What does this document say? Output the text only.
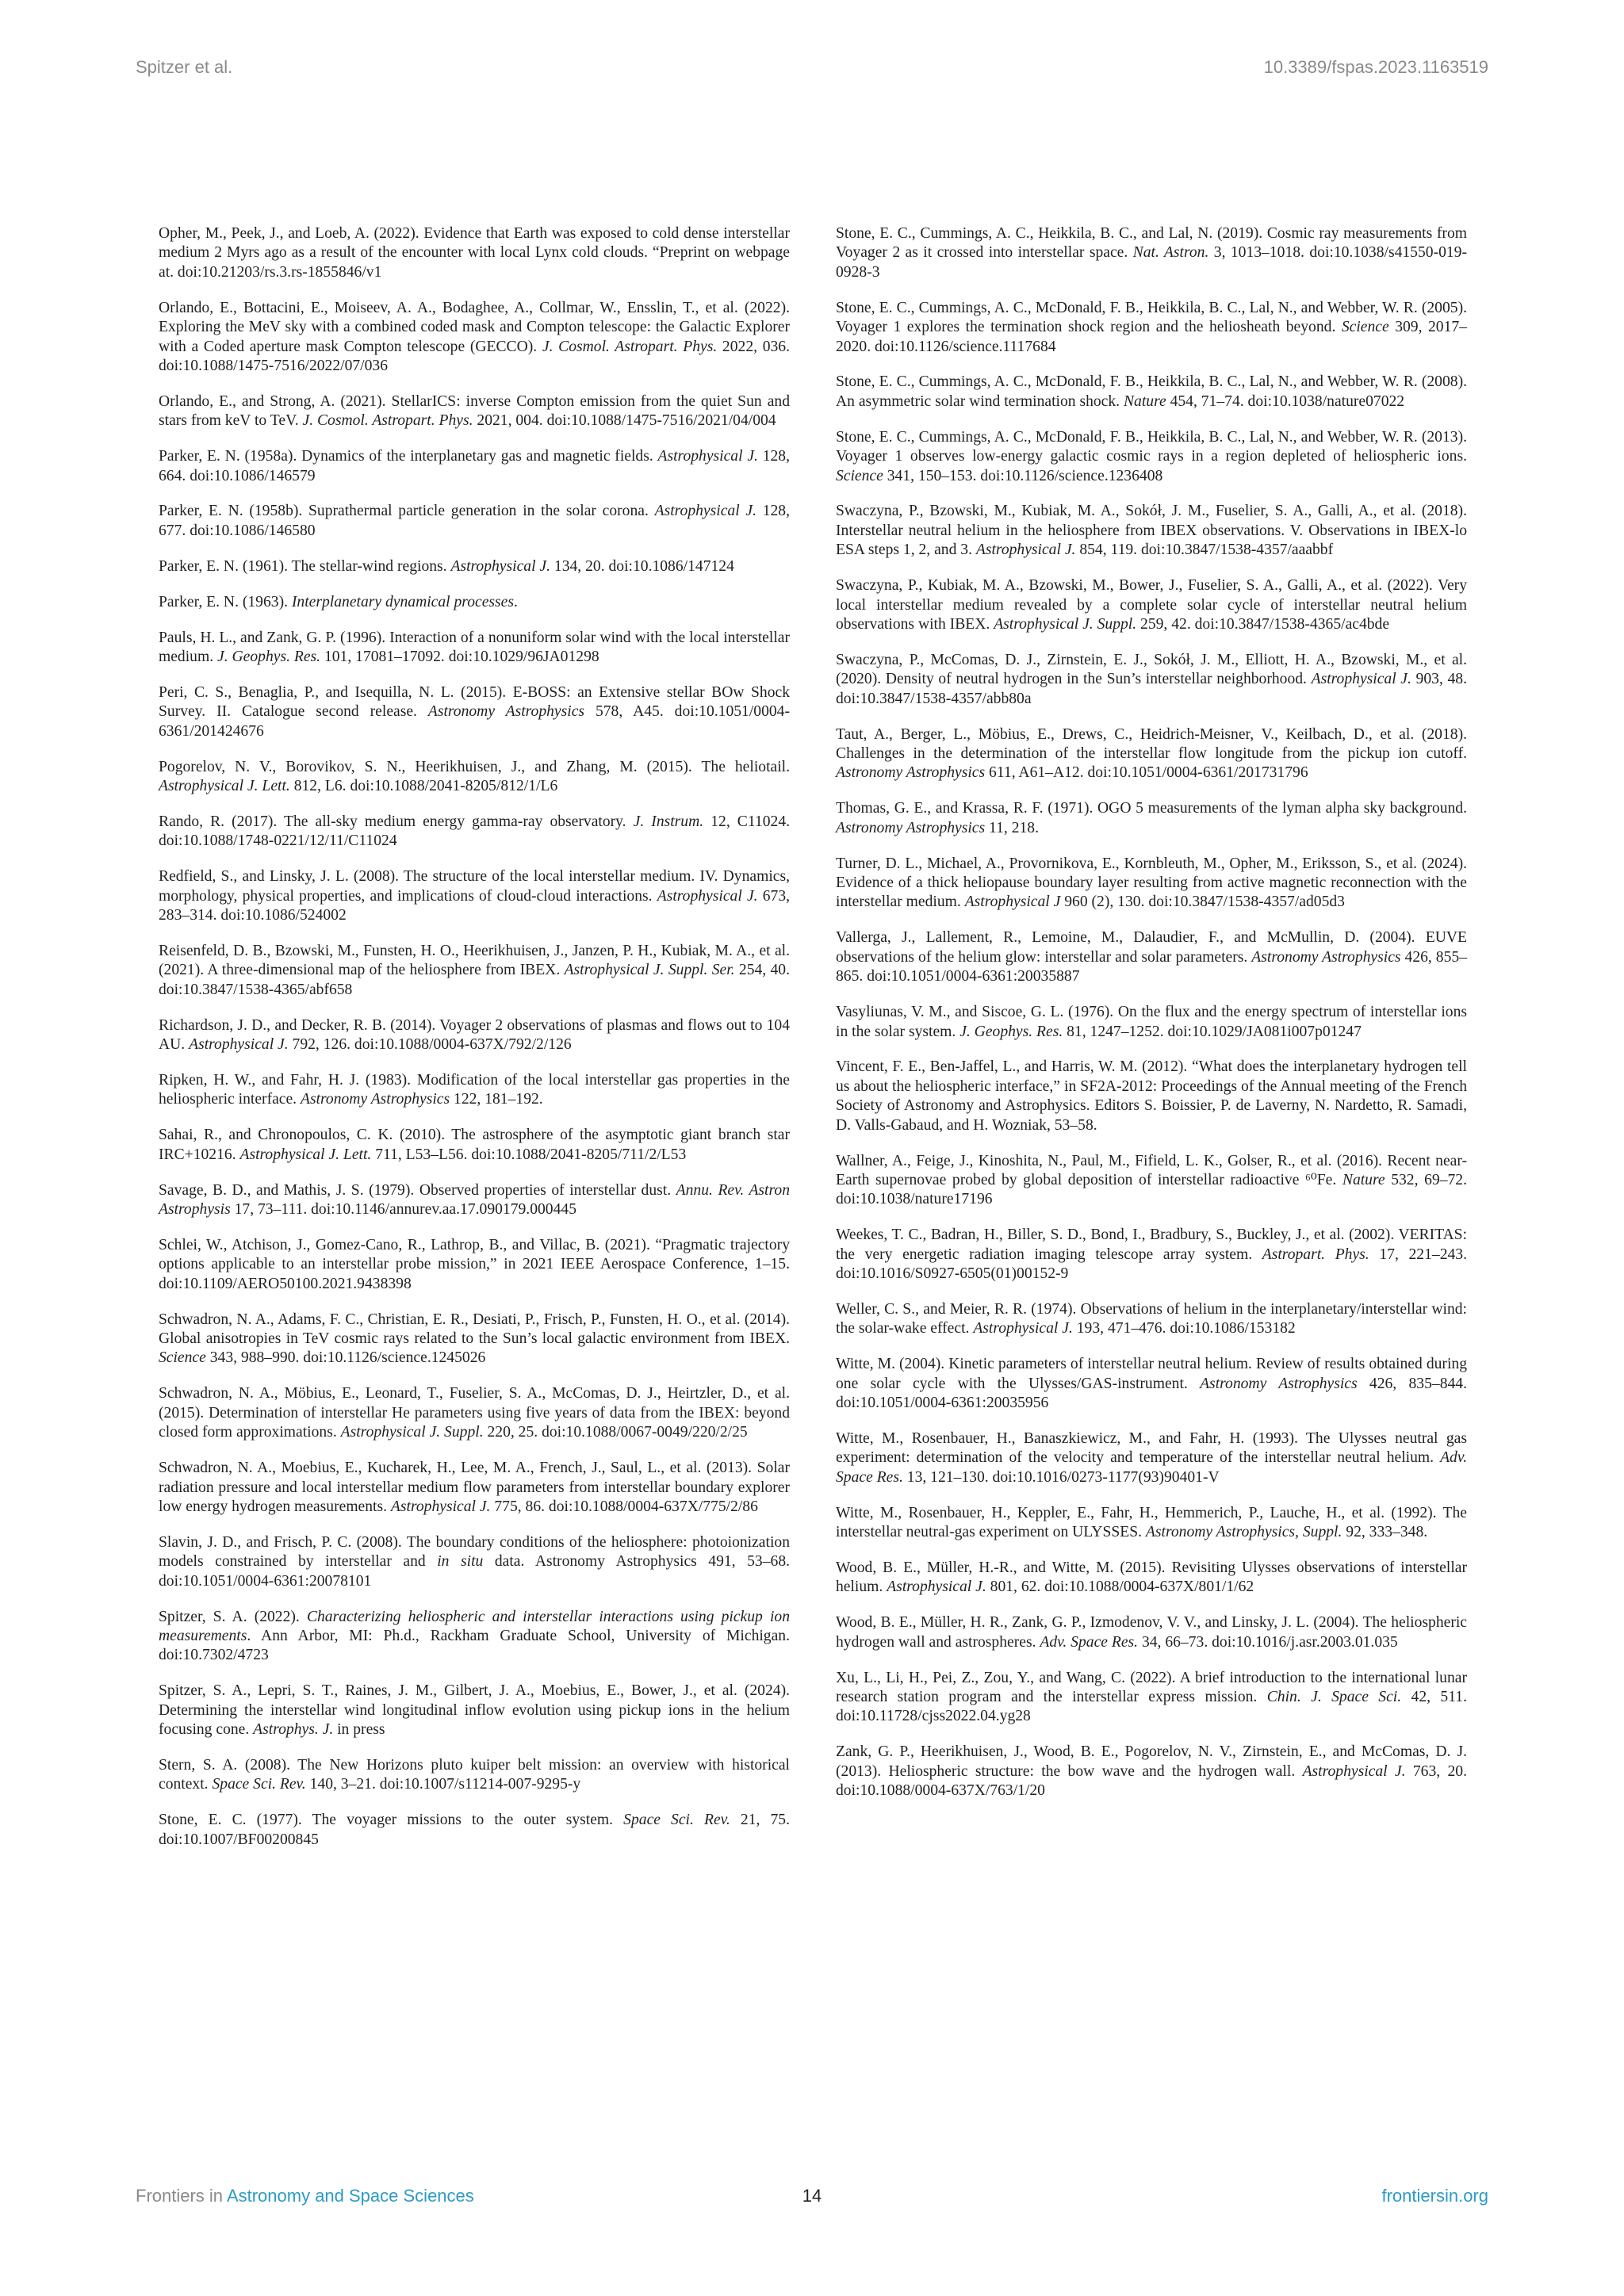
Spitzer et al.	10.3389/fspas.2023.1163519

Opher, M., Peek, J., and Loeb, A. (2022). Evidence that Earth was exposed to cold dense interstellar medium 2 Myrs ago as a result of the encounter with local Lynx cold clouds. “Preprint on webpage at. doi:10.21203/rs.3.rs-1855846/v1

Orlando, E., Bottacini, E., Moiseev, A. A., Bodaghee, A., Collmar, W., Ensslin, T., et al. (2022). Exploring the MeV sky with a combined coded mask and Compton telescope: the Galactic Explorer with a Coded aperture mask Compton telescope (GECCO). J. Cosmol. Astropart. Phys. 2022, 036. doi:10.1088/1475-7516/2022/07/036

Orlando, E., and Strong, A. (2021). StellarICS: inverse Compton emission from the quiet Sun and stars from keV to TeV. J. Cosmol. Astropart. Phys. 2021, 004. doi:10.1088/1475-7516/2021/04/004

Parker, E. N. (1958a). Dynamics of the interplanetary gas and magnetic fields. Astrophysical J. 128, 664. doi:10.1086/146579

Parker, E. N. (1958b). Suprathermal particle generation in the solar corona. Astrophysical J. 128, 677. doi:10.1086/146580

Parker, E. N. (1961). The stellar-wind regions. Astrophysical J. 134, 20. doi:10.1086/147124

Parker, E. N. (1963). Interplanetary dynamical processes.

Pauls, H. L., and Zank, G. P. (1996). Interaction of a nonuniform solar wind with the local interstellar medium. J. Geophys. Res. 101, 17081–17092. doi:10.1029/96JA01298

Peri, C. S., Benaglia, P., and Isequilla, N. L. (2015). E-BOSS: an Extensive stellar BOw Shock Survey. II. Catalogue second release. Astronomy Astrophysics 578, A45. doi:10.1051/0004-6361/201424676

Pogorelov, N. V., Borovikov, S. N., Heerikhuisen, J., and Zhang, M. (2015). The heliotail. Astrophysical J. Lett. 812, L6. doi:10.1088/2041-8205/812/1/L6

Rando, R. (2017). The all-sky medium energy gamma-ray observatory. J. Instrum. 12, C11024. doi:10.1088/1748-0221/12/11/C11024

Redfield, S., and Linsky, J. L. (2008). The structure of the local interstellar medium. IV. Dynamics, morphology, physical properties, and implications of cloud-cloud interactions. Astrophysical J. 673, 283–314. doi:10.1086/524002

Reisenfeld, D. B., Bzowski, M., Funsten, H. O., Heerikhuisen, J., Janzen, P. H., Kubiak, M. A., et al. (2021). A three-dimensional map of the heliosphere from IBEX. Astrophysical J. Suppl. Ser. 254, 40. doi:10.3847/1538-4365/abf658

Richardson, J. D., and Decker, R. B. (2014). Voyager 2 observations of plasmas and flows out to 104 AU. Astrophysical J. 792, 126. doi:10.1088/0004-637X/792/2/126

Ripken, H. W., and Fahr, H. J. (1983). Modification of the local interstellar gas properties in the heliospheric interface. Astronomy Astrophysics 122, 181–192.

Sahai, R., and Chronopoulos, C. K. (2010). The astrosphere of the asymptotic giant branch star IRC+10216. Astrophysical J. Lett. 711, L53–L56. doi:10.1088/2041-8205/711/2/L53

Savage, B. D., and Mathis, J. S. (1979). Observed properties of interstellar dust. Annu. Rev. Astron Astrophysis 17, 73–111. doi:10.1146/annurev.aa.17.090179.000445

Schlei, W., Atchison, J., Gomez-Cano, R., Lathrop, B., and Villac, B. (2021). “Pragmatic trajectory options applicable to an interstellar probe mission,” in 2021 IEEE Aerospace Conference, 1–15. doi:10.1109/AERO50100.2021.9438398

Schwadron, N. A., Adams, F. C., Christian, E. R., Desiati, P., Frisch, P., Funsten, H. O., et al. (2014). Global anisotropies in TeV cosmic rays related to the Sun’s local galactic environment from IBEX. Science 343, 988–990. doi:10.1126/science.1245026

Schwadron, N. A., Möbius, E., Leonard, T., Fuselier, S. A., McComas, D. J., Heirtzler, D., et al. (2015). Determination of interstellar He parameters using five years of data from the IBEX: beyond closed form approximations. Astrophysical J. Suppl. 220, 25. doi:10.1088/0067-0049/220/2/25

Schwadron, N. A., Moebius, E., Kucharek, H., Lee, M. A., French, J., Saul, L., et al. (2013). Solar radiation pressure and local interstellar medium flow parameters from interstellar boundary explorer low energy hydrogen measurements. Astrophysical J. 775, 86. doi:10.1088/0004-637X/775/2/86

Slavin, J. D., and Frisch, P. C. (2008). The boundary conditions of the heliosphere: photoionization models constrained by interstellar and in situ data. Astronomy Astrophysics 491, 53–68. doi:10.1051/0004-6361:20078101

Spitzer, S. A. (2022). Characterizing heliospheric and interstellar interactions using pickup ion measurements. Ann Arbor, MI: Ph.d., Rackham Graduate School, University of Michigan. doi:10.7302/4723

Spitzer, S. A., Lepri, S. T., Raines, J. M., Gilbert, J. A., Moebius, E., Bower, J., et al. (2024). Determining the interstellar wind longitudinal inflow evolution using pickup ions in the helium focusing cone. Astrophys. J. in press

Stern, S. A. (2008). The New Horizons pluto kuiper belt mission: an overview with historical context. Space Sci. Rev. 140, 3–21. doi:10.1007/s11214-007-9295-y

Stone, E. C. (1977). The voyager missions to the outer system. Space Sci. Rev. 21, 75. doi:10.1007/BF00200845

Stone, E. C., Cummings, A. C., Heikkila, B. C., and Lal, N. (2019). Cosmic ray measurements from Voyager 2 as it crossed into interstellar space. Nat. Astron. 3, 1013–1018. doi:10.1038/s41550-019-0928-3

Stone, E. C., Cummings, A. C., McDonald, F. B., Heikkila, B. C., Lal, N., and Webber, W. R. (2005). Voyager 1 explores the termination shock region and the heliosheath beyond. Science 309, 2017–2020. doi:10.1126/science.1117684

Stone, E. C., Cummings, A. C., McDonald, F. B., Heikkila, B. C., Lal, N., and Webber, W. R. (2008). An asymmetric solar wind termination shock. Nature 454, 71–74. doi:10.1038/nature07022

Stone, E. C., Cummings, A. C., McDonald, F. B., Heikkila, B. C., Lal, N., and Webber, W. R. (2013). Voyager 1 observes low-energy galactic cosmic rays in a region depleted of heliospheric ions. Science 341, 150–153. doi:10.1126/science.1236408

Swaczyna, P., Bzowski, M., Kubiak, M. A., Sokół, J. M., Fuselier, S. A., Galli, A., et al. (2018). Interstellar neutral helium in the heliosphere from IBEX observations. V. Observations in IBEX-lo ESA steps 1, 2, and 3. Astrophysical J. 854, 119. doi:10.3847/1538-4357/aaabbf

Swaczyna, P., Kubiak, M. A., Bzowski, M., Bower, J., Fuselier, S. A., Galli, A., et al. (2022). Very local interstellar medium revealed by a complete solar cycle of interstellar neutral helium observations with IBEX. Astrophysical J. Suppl. 259, 42. doi:10.3847/1538-4365/ac4bde

Swaczyna, P., McComas, D. J., Zirnstein, E. J., Sokół, J. M., Elliott, H. A., Bzowski, M., et al. (2020). Density of neutral hydrogen in the Sun’s interstellar neighborhood. Astrophysical J. 903, 48. doi:10.3847/1538-4357/abb80a

Taut, A., Berger, L., Möbius, E., Drews, C., Heidrich-Meisner, V., Keilbach, D., et al. (2018). Challenges in the determination of the interstellar flow longitude from the pickup ion cutoff. Astronomy Astrophysics 611, A61–A12. doi:10.1051/0004-6361/201731796

Thomas, G. E., and Krassa, R. F. (1971). OGO 5 measurements of the lyman alpha sky background. Astronomy Astrophysics 11, 218.

Turner, D. L., Michael, A., Provornikova, E., Kornbleuth, M., Opher, M., Eriksson, S., et al. (2024). Evidence of a thick heliopause boundary layer resulting from active magnetic reconnection with the interstellar medium. Astrophysical J 960 (2), 130. doi:10.3847/1538-4357/ad05d3

Vallerga, J., Lallement, R., Lemoine, M., Dalaudier, F., and McMullin, D. (2004). EUVE observations of the helium glow: interstellar and solar parameters. Astronomy Astrophysics 426, 855–865. doi:10.1051/0004-6361:20035887

Vasyliunas, V. M., and Siscoe, G. L. (1976). On the flux and the energy spectrum of interstellar ions in the solar system. J. Geophys. Res. 81, 1247–1252. doi:10.1029/JA081i007p01247

Vincent, F. E., Ben-Jaffel, L., and Harris, W. M. (2012). “What does the interplanetary hydrogen tell us about the heliospheric interface,” in SF2A-2012: Proceedings of the Annual meeting of the French Society of Astronomy and Astrophysics. Editors S. Boissier, P. de Laverny, N. Nardetto, R. Samadi, D. Valls-Gabaud, and H. Wozniak, 53–58.

Wallner, A., Feige, J., Kinoshita, N., Paul, M., Fifield, L. K., Golser, R., et al. (2016). Recent near-Earth supernovae probed by global deposition of interstellar radioactive ⁶⁰Fe. Nature 532, 69–72. doi:10.1038/nature17196

Weekes, T. C., Badran, H., Biller, S. D., Bond, I., Bradbury, S., Buckley, J., et al. (2002). VERITAS: the very energetic radiation imaging telescope array system. Astropart. Phys. 17, 221–243. doi:10.1016/S0927-6505(01)00152-9

Weller, C. S., and Meier, R. R. (1974). Observations of helium in the interplanetary/interstellar wind: the solar-wake effect. Astrophysical J. 193, 471–476. doi:10.1086/153182

Witte, M. (2004). Kinetic parameters of interstellar neutral helium. Review of results obtained during one solar cycle with the Ulysses/GAS-instrument. Astronomy Astrophysics 426, 835–844. doi:10.1051/0004-6361:20035956

Witte, M., Rosenbauer, H., Banaszkiewicz, M., and Fahr, H. (1993). The Ulysses neutral gas experiment: determination of the velocity and temperature of the interstellar neutral helium. Adv. Space Res. 13, 121–130. doi:10.1016/0273-1177(93)90401-V

Witte, M., Rosenbauer, H., Keppler, E., Fahr, H., Hemmerich, P., Lauche, H., et al. (1992). The interstellar neutral-gas experiment on ULYSSES. Astronomy Astrophysics, Suppl. 92, 333–348.

Wood, B. E., Müller, H.-R., and Witte, M. (2015). Revisiting Ulysses observations of interstellar helium. Astrophysical J. 801, 62. doi:10.1088/0004-637X/801/1/62

Wood, B. E., Müller, H. R., Zank, G. P., Izmodenov, V. V., and Linsky, J. L. (2004). The heliospheric hydrogen wall and astrospheres. Adv. Space Res. 34, 66–73. doi:10.1016/j.asr.2003.01.035

Xu, L., Li, H., Pei, Z., Zou, Y., and Wang, C. (2022). A brief introduction to the international lunar research station program and the interstellar express mission. Chin. J. Space Sci. 42, 511. doi:10.11728/cjss2022.04.yg28

Zank, G. P., Heerikhuisen, J., Wood, B. E., Pogorelov, N. V., Zirnstein, E., and McComas, D. J. (2013). Heliospheric structure: the bow wave and the hydrogen wall. Astrophysical J. 763, 20. doi:10.1088/0004-637X/763/1/20

Frontiers in Astronomy and Space Sciences	14	frontiersin.org
